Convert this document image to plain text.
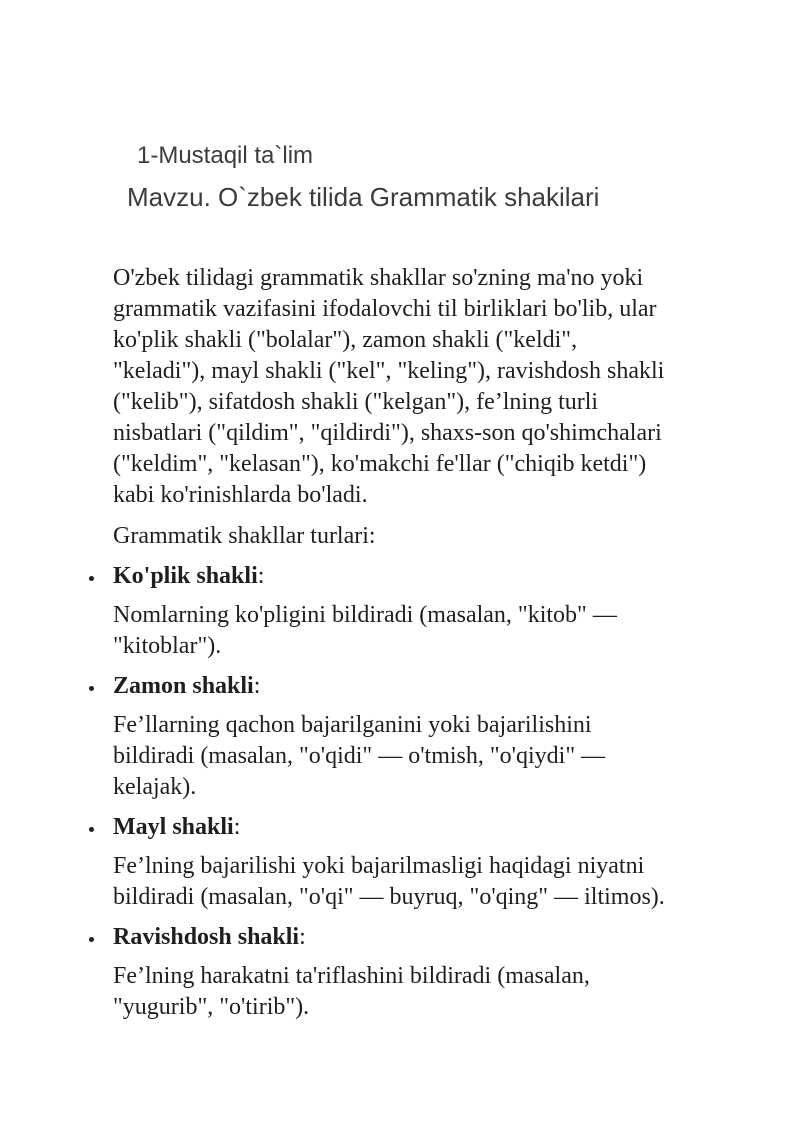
1-Mustaqil ta`lim
Mavzu. O`zbek tilida Grammatik shakilari
O'zbek tilidagi grammatik shakllar so'zning ma'no yoki
grammatik vazifasini ifodalovchi til birliklari bo'lib, ular
ko'plik shakli ("bolalar"), zamon shakli ("keldi",
"keladi"), mayl shakli ("kel", "keling"), ravishdosh shakli
("kelib"), sifatdosh shakli ("kelgan"), fe’lning turli
nisbatlari ("qildim", "qildirdi"), shaxs-son qo'shimchalari
("keldim", "kelasan"), ko'makchi fe'llar ("chiqib ketdi")
kabi ko'rinishlarda bo'ladi.
Grammatik shakllar turlari:
Ko'plik shakli:
Nomlarning ko'pligini bildiradi (masalan, "kitob" —
"kitoblar").
Zamon shakli:
Fe’llarning qachon bajarilganini yoki bajarilishini
bildiradi (masalan, "o'qidi" — o'tmish, "o'qiydi" —
kelajak).
Mayl shakli:
Fe’lning bajarilishi yoki bajarilmasligi haqidagi niyatni
bildiradi (masalan, "o'qi" — buyruq, "o'qing" — iltimos).
Ravishdosh shakli:
Fe’lning harakatni ta'riflashini bildiradi (masalan,
"yugurib", "o'tirib").
